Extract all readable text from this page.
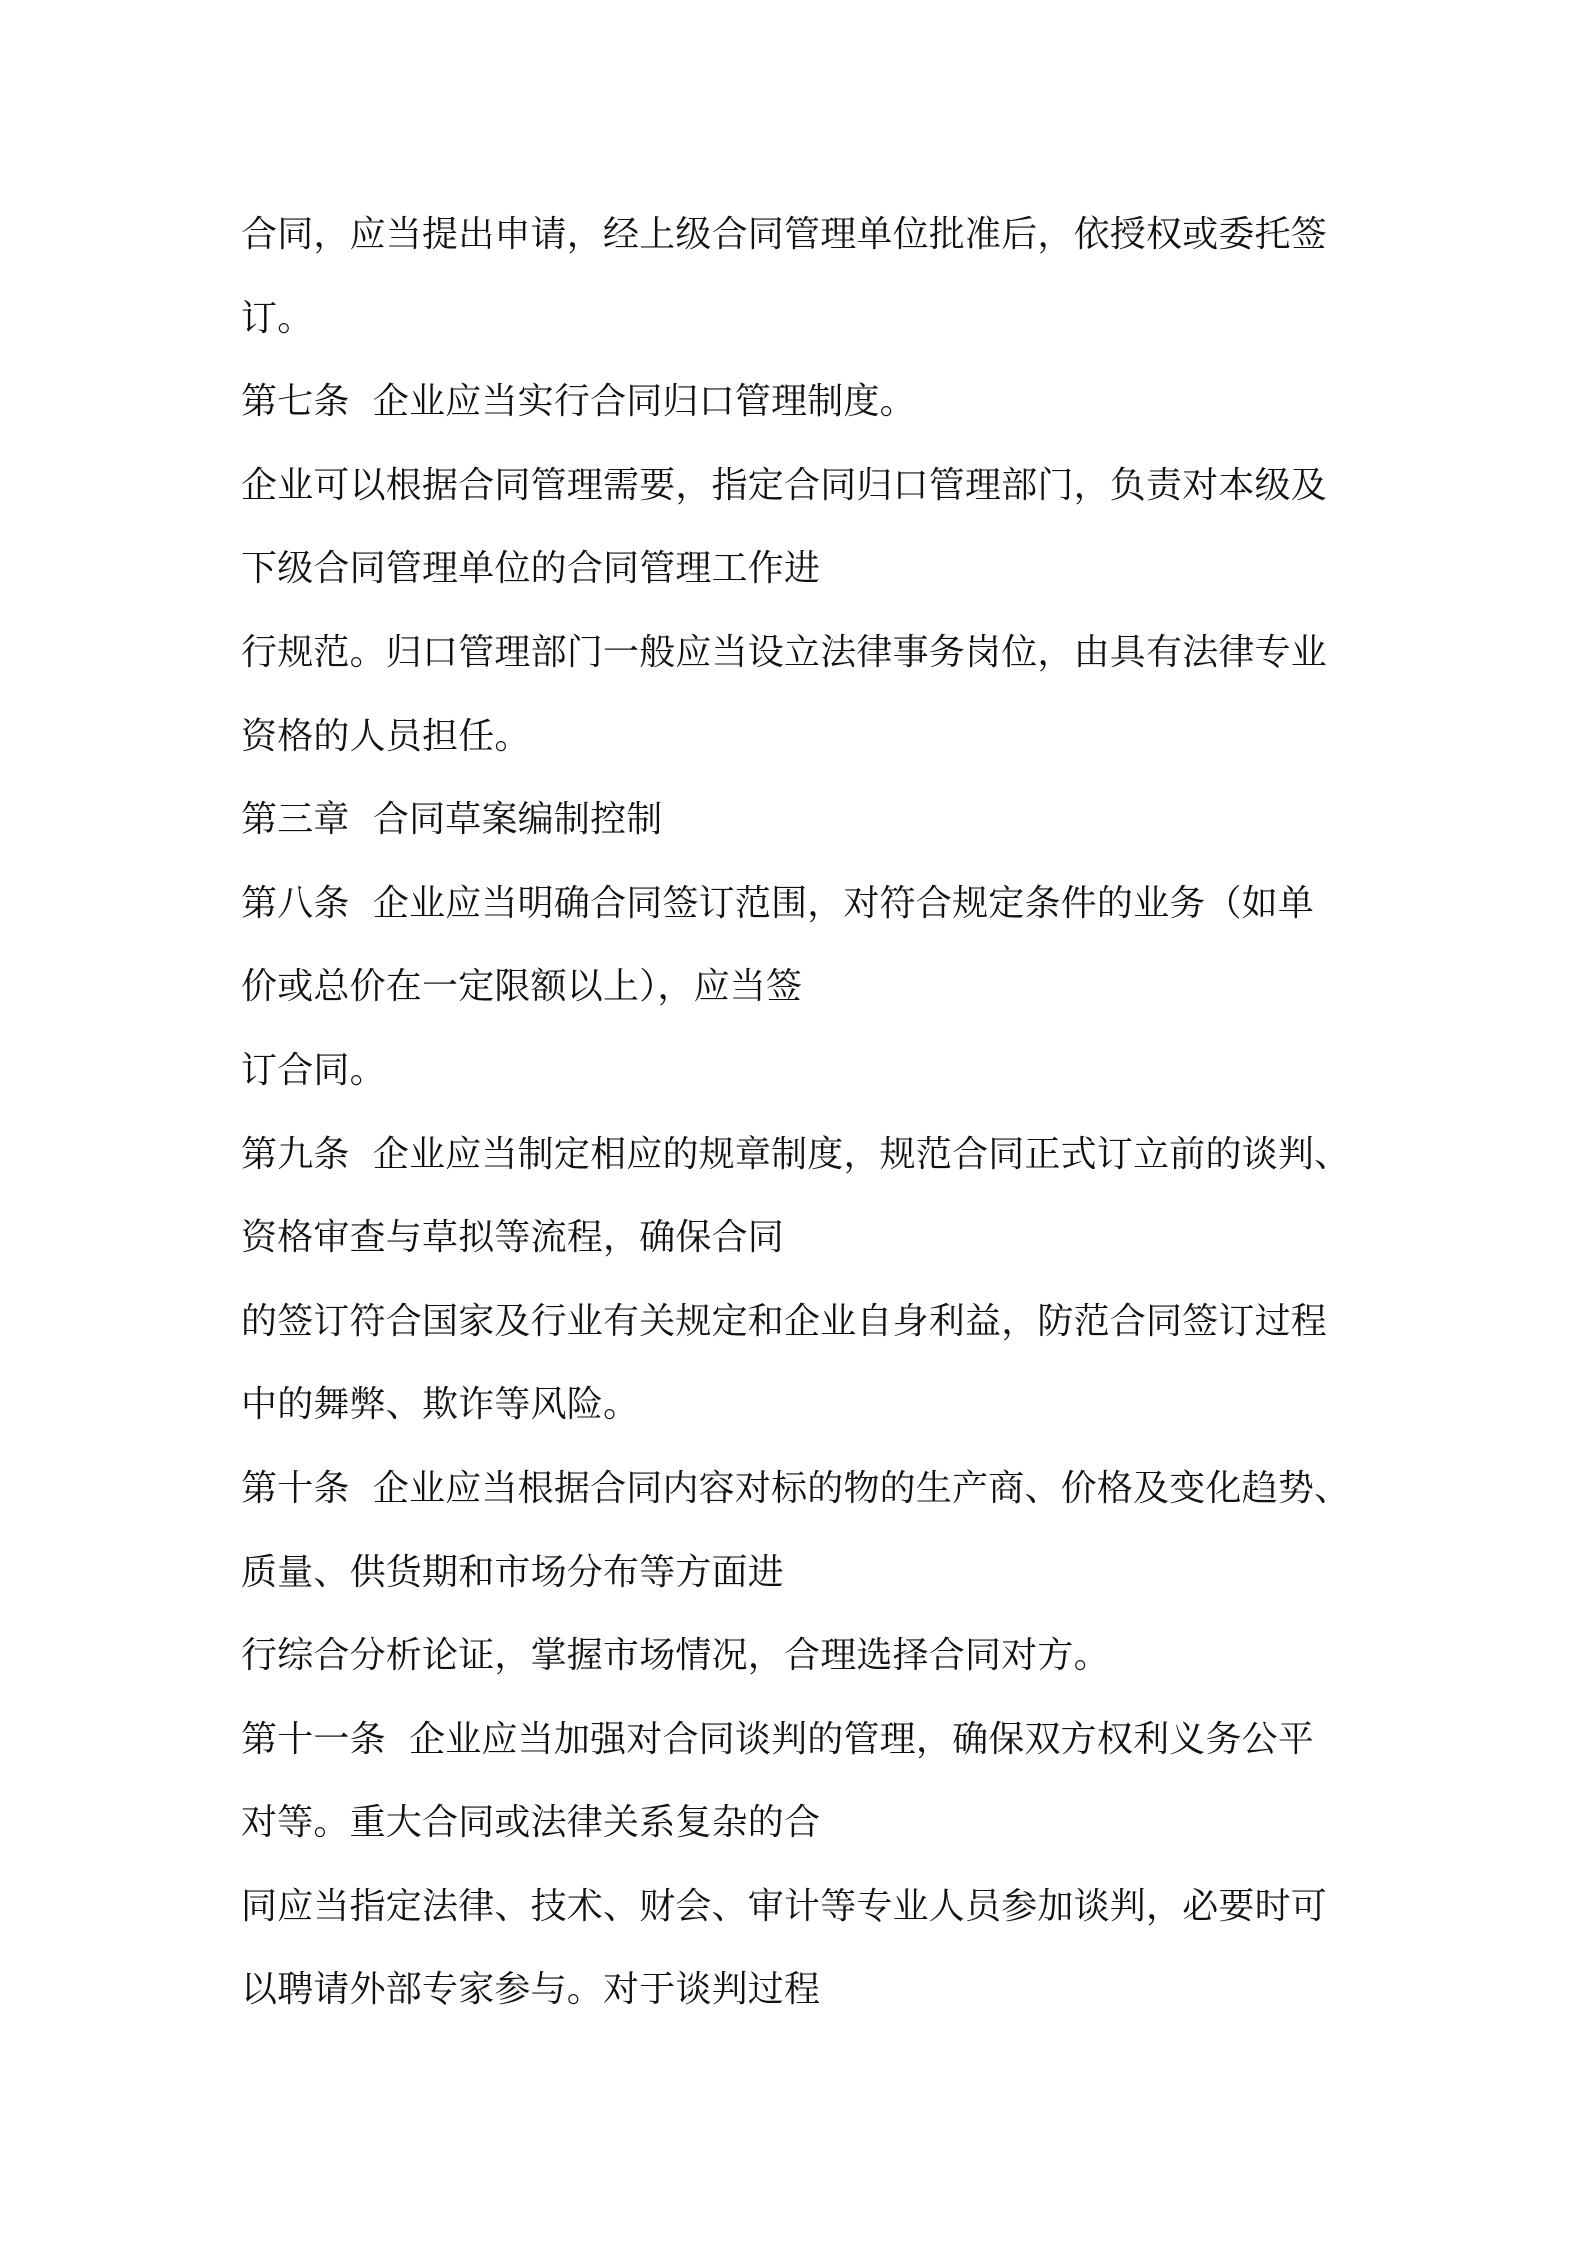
合同，应当提出申请，经上级合同管理单位批准后，依授权或委托签
订。
第七条  企业应当实行合同归口管理制度。
企业可以根据合同管理需要，指定合同归口管理部门，负责对本级及
下级合同管理单位的合同管理工作进
行规范。归口管理部门一般应当设立法律事务岗位，由具有法律专业
资格的人员担任。
第三章  合同草案编制控制
第八条  企业应当明确合同签订范围，对符合规定条件的业务（如单
价或总价在一定限额以上），应当签
订合同。
第九条  企业应当制定相应的规章制度，规范合同正式订立前的谈判、
资格审查与草拟等流程，确保合同
的签订符合国家及行业有关规定和企业自身利益，防范合同签订过程
中的舞弊、欺诈等风险。
第十条  企业应当根据合同内容对标的物的生产商、价格及变化趋势、
质量、供货期和市场分布等方面进
行综合分析论证，掌握市场情况，合理选择合同对方。
第十一条  企业应当加强对合同谈判的管理，确保双方权利义务公平
对等。重大合同或法律关系复杂的合
同应当指定法律、技术、财会、审计等专业人员参加谈判，必要时可
以聘请外部专家参与。对于谈判过程
